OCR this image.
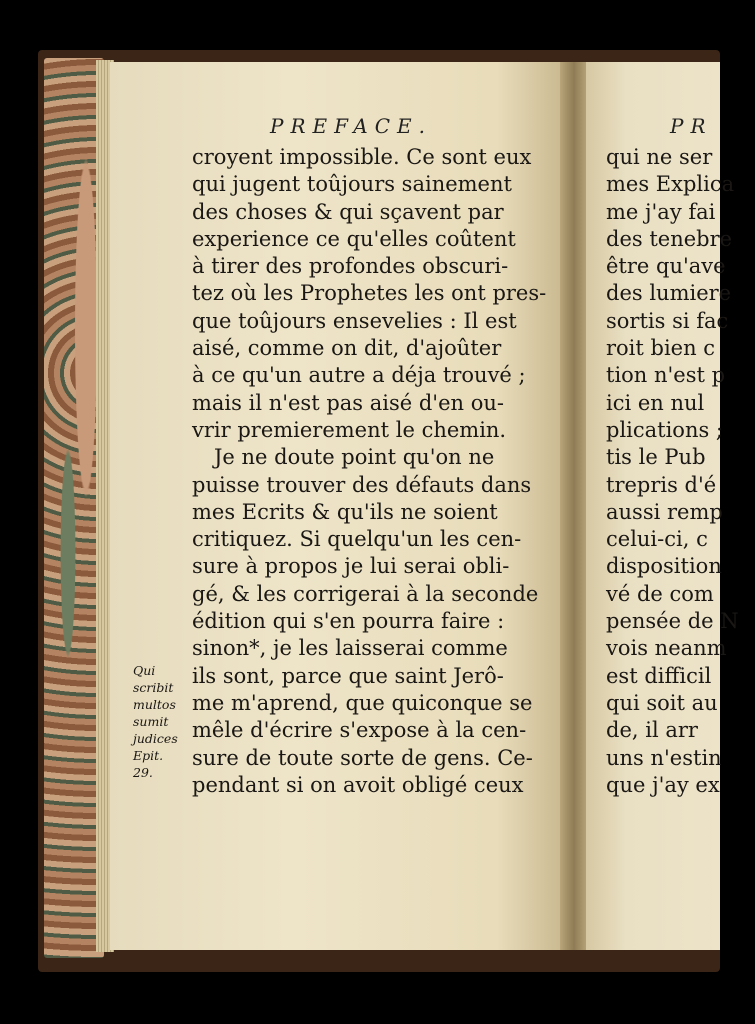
PREFACE.
croyent impossible. Ce sont eux
qui jugent toûjours sainement
des choses & qui sçavent par
experience ce qu'elles coûtent
à tirer des profondes obscuri-
tez où les Prophetes les ont pres-
que toûjours ensevelies : Il est
aisé, comme on dit, d'ajoûter
à ce qu'un autre a déja trouvé ;
mais il n'est pas aisé d'en ou-
vrir premierement le chemin.
Je ne doute point qu'on ne
puisse trouver des défauts dans
mes Ecrits & qu'ils ne soient
critiquez. Si quelqu'un les cen-
sure à propos je lui serai obli-
gé, & les corrigerai à la seconde
édition qui s'en pourra faire :
sinon*, je les laisserai comme
ils sont, parce que saint Jerô-
me m'aprend, que quiconque se
mêle d'écrire s'expose à la cen-
sure de toute sorte de gens. Ce-
pendant si on avoit obligé ceux
Qui
scribit
multos
sumit
judices
Epit.
29.
PR
qui ne ser
mes Explica
me j'ay fai
des tenebre
être qu'ave
des lumiere
sortis si fac
roit bien c
tion n'est p
ici en nul
plications ;
tis le Pub
trepris d'é
aussi remp
celui-ci, c
disposition
vé de com
pensée de N
vois neanm
est difficil
qui soit au
de, il arr
uns n'estin
que j'ay ex
